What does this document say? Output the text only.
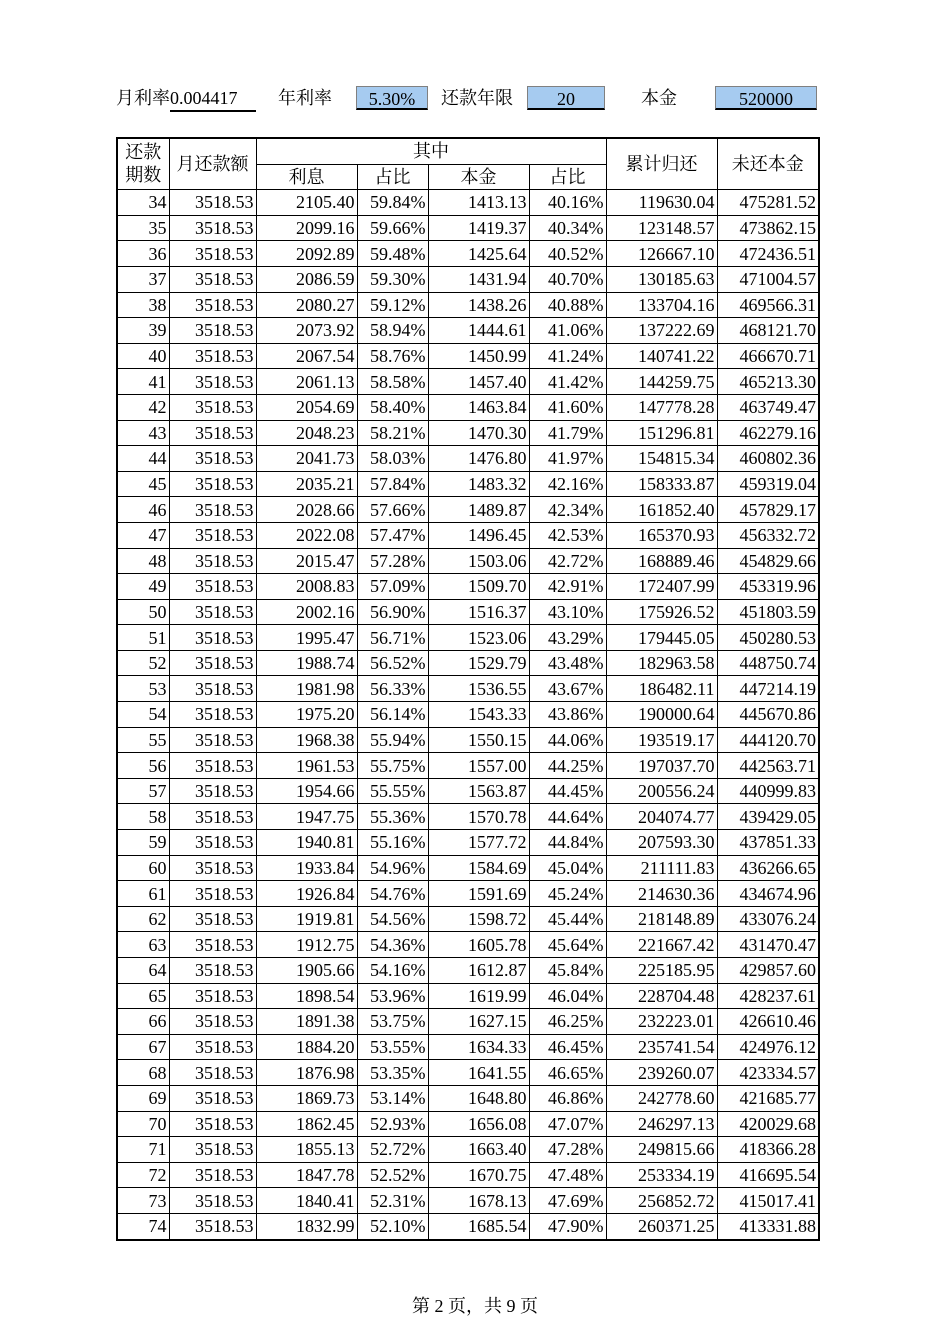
月利率 0.004417	年利率	5.30%	还款年限	20	本金	520000
还款
期数	月还款额	其中				累计归还	未还本金
		利息	占比	本金	占比		
34	3518.53	2105.40	59.84%	1413.13	40.16%	119630.04	475281.52
35	3518.53	2099.16	59.66%	1419.37	40.34%	123148.57	473862.15
36	3518.53	2092.89	59.48%	1425.64	40.52%	126667.10	472436.51
37	3518.53	2086.59	59.30%	1431.94	40.70%	130185.63	471004.57
38	3518.53	2080.27	59.12%	1438.26	40.88%	133704.16	469566.31
39	3518.53	2073.92	58.94%	1444.61	41.06%	137222.69	468121.70
40	3518.53	2067.54	58.76%	1450.99	41.24%	140741.22	466670.71
41	3518.53	2061.13	58.58%	1457.40	41.42%	144259.75	465213.30
42	3518.53	2054.69	58.40%	1463.84	41.60%	147778.28	463749.47
43	3518.53	2048.23	58.21%	1470.30	41.79%	151296.81	462279.16
44	3518.53	2041.73	58.03%	1476.80	41.97%	154815.34	460802.36
45	3518.53	2035.21	57.84%	1483.32	42.16%	158333.87	459319.04
46	3518.53	2028.66	57.66%	1489.87	42.34%	161852.40	457829.17
47	3518.53	2022.08	57.47%	1496.45	42.53%	165370.93	456332.72
48	3518.53	2015.47	57.28%	1503.06	42.72%	168889.46	454829.66
49	3518.53	2008.83	57.09%	1509.70	42.91%	172407.99	453319.96
50	3518.53	2002.16	56.90%	1516.37	43.10%	175926.52	451803.59
51	3518.53	1995.47	56.71%	1523.06	43.29%	179445.05	450280.53
52	3518.53	1988.74	56.52%	1529.79	43.48%	182963.58	448750.74
53	3518.53	1981.98	56.33%	1536.55	43.67%	186482.11	447214.19
54	3518.53	1975.20	56.14%	1543.33	43.86%	190000.64	445670.86
55	3518.53	1968.38	55.94%	1550.15	44.06%	193519.17	444120.70
56	3518.53	1961.53	55.75%	1557.00	44.25%	197037.70	442563.71
57	3518.53	1954.66	55.55%	1563.87	44.45%	200556.24	440999.83
58	3518.53	1947.75	55.36%	1570.78	44.64%	204074.77	439429.05
59	3518.53	1940.81	55.16%	1577.72	44.84%	207593.30	437851.33
60	3518.53	1933.84	54.96%	1584.69	45.04%	211111.83	436266.65
61	3518.53	1926.84	54.76%	1591.69	45.24%	214630.36	434674.96
62	3518.53	1919.81	54.56%	1598.72	45.44%	218148.89	433076.24
63	3518.53	1912.75	54.36%	1605.78	45.64%	221667.42	431470.47
64	3518.53	1905.66	54.16%	1612.87	45.84%	225185.95	429857.60
65	3518.53	1898.54	53.96%	1619.99	46.04%	228704.48	428237.61
66	3518.53	1891.38	53.75%	1627.15	46.25%	232223.01	426610.46
67	3518.53	1884.20	53.55%	1634.33	46.45%	235741.54	424976.12
68	3518.53	1876.98	53.35%	1641.55	46.65%	239260.07	423334.57
69	3518.53	1869.73	53.14%	1648.80	46.86%	242778.60	421685.77
70	3518.53	1862.45	52.93%	1656.08	47.07%	246297.13	420029.68
71	3518.53	1855.13	52.72%	1663.40	47.28%	249815.66	418366.28
72	3518.53	1847.78	52.52%	1670.75	47.48%	253334.19	416695.54
73	3518.53	1840.41	52.31%	1678.13	47.69%	256852.72	415017.41
74	3518.53	1832.99	52.10%	1685.54	47.90%	260371.25	413331.88
第 2 页，共 9 页
